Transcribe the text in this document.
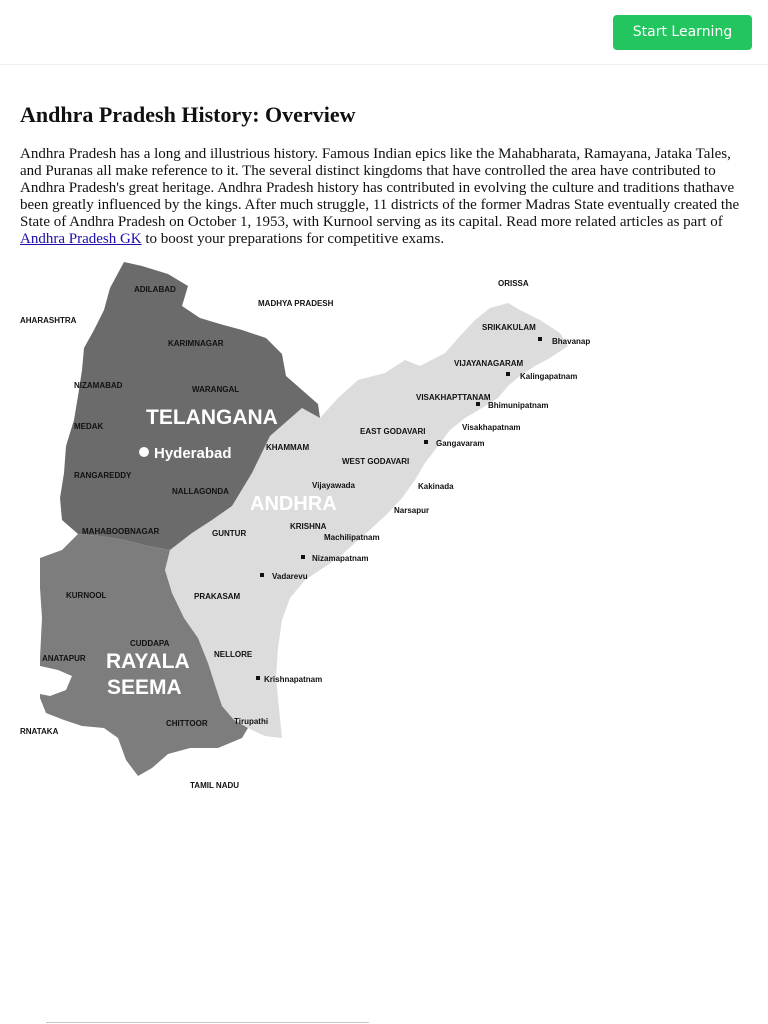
Start Learning
Andhra Pradesh History: Overview

Andhra Pradesh has a long and illustrious history. Famous Indian epics like the Mahabharata, Ramayana, Jataka Tales, and Puranas all make reference to it. The several distinct kingdoms that have controlled the area have contributed to Andhra Pradesh's great heritage. Andhra Pradesh history has contributed in evolving the culture and traditions thathave been greatly influenced by the kings. After much struggle, 11 districts of the former Madras State eventually created the State of Andhra Pradesh on October 1, 1953, with Kurnool serving as its capital. Read more related articles as part of Andhra Pradesh GK to boost your preparations for competitive exams.

TELANGANA
ANDHRA
RAYALA
SEEMA
Hyderabad
AHARASHTRA
MADHYA PRADESH
ORISSA
RNATAKA
TAMIL NADU
ADILABAD
KARIMNAGAR
NIZAMABAD	WARANGAL
MEDAK
KHAMMAM
RANGAREDDY
NALLAGONDA
MAHABOOBNAGAR
SRIKAKULAM
VIJAYANAGARAM
VISAKHAPTTANAM
EAST GODAVARI
WEST GODAVARI
KRISHNA
GUNTUR
PRAKASAM
KURNOOL
CUDDAPA
ANATAPUR	NELLORE
CHITTOOR
Bhavanap
Kalingapatnam
Bhimunipatnam
Visakhapatnam
Gangavaram
Kakinada
Narsapur
Machilipatnam
Nizamapatnam
Vadarevu
Krishnapatnam
Vijayawada
Tirupathi
